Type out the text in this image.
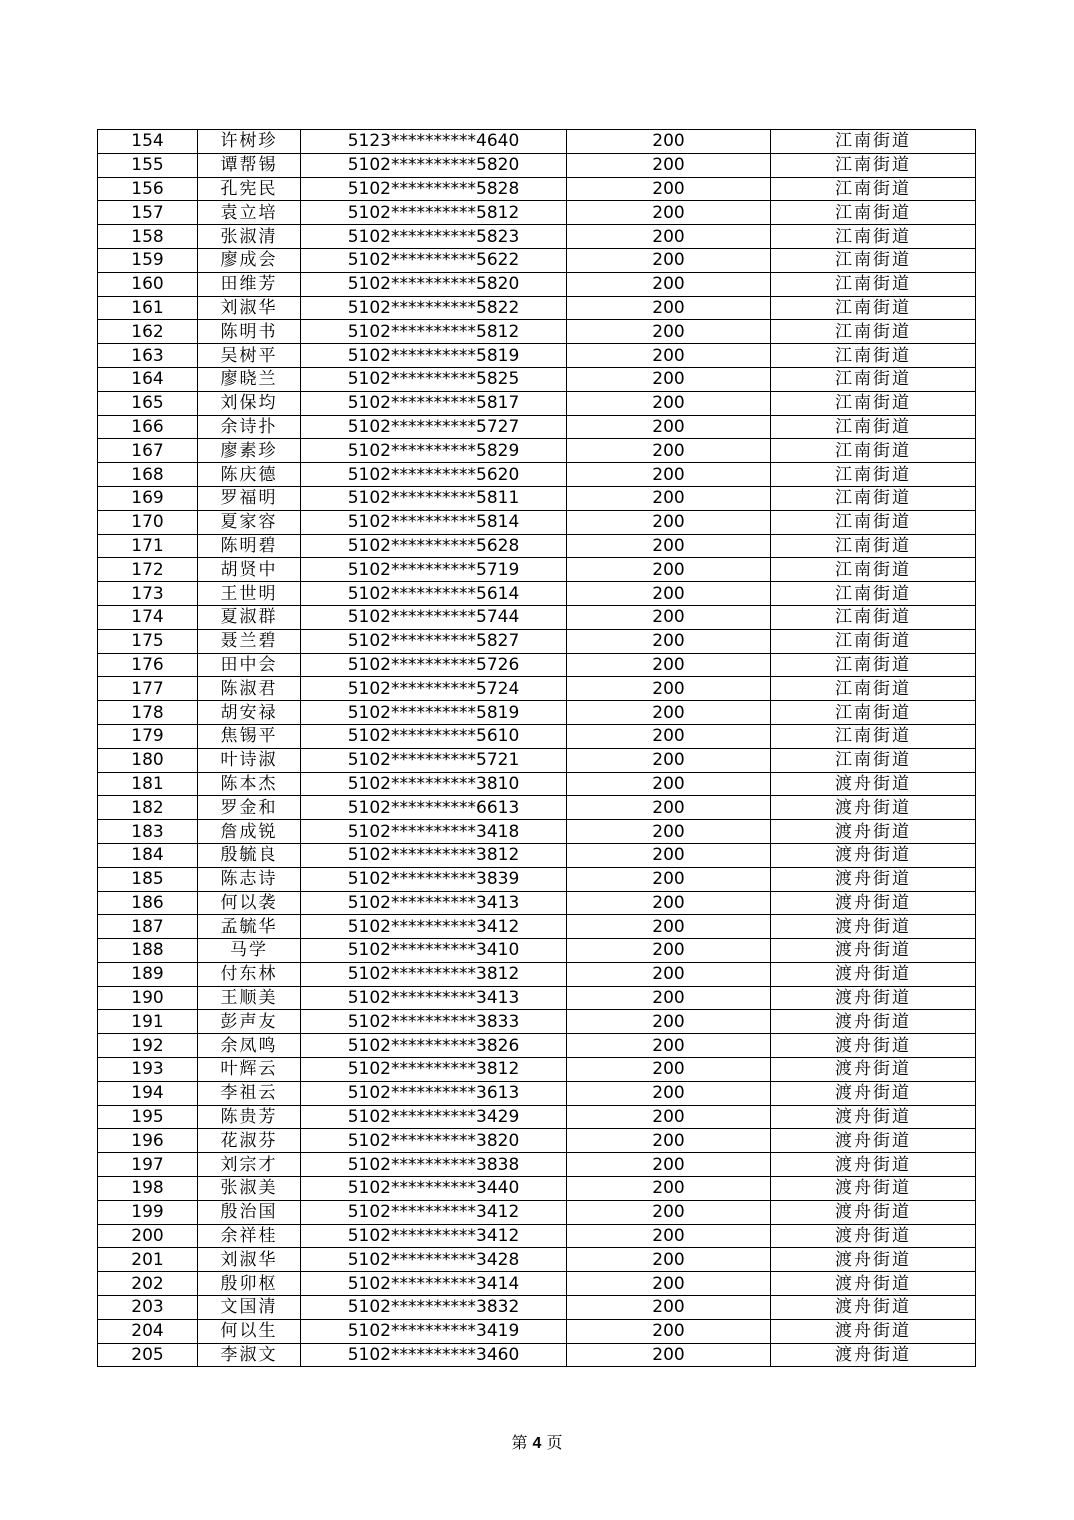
154	许树珍	5123**********4640	200	江南街道
155	谭帮锡	5102**********5820	200	江南街道
156	孔宪民	5102**********5828	200	江南街道
157	袁立培	5102**********5812	200	江南街道
158	张淑清	5102**********5823	200	江南街道
159	廖成会	5102**********5622	200	江南街道
160	田维芳	5102**********5820	200	江南街道
161	刘淑华	5102**********5822	200	江南街道
162	陈明书	5102**********5812	200	江南街道
163	吴树平	5102**********5819	200	江南街道
164	廖晓兰	5102**********5825	200	江南街道
165	刘保均	5102**********5817	200	江南街道
166	余诗扑	5102**********5727	200	江南街道
167	廖素珍	5102**********5829	200	江南街道
168	陈庆德	5102**********5620	200	江南街道
169	罗福明	5102**********5811	200	江南街道
170	夏家容	5102**********5814	200	江南街道
171	陈明碧	5102**********5628	200	江南街道
172	胡贤中	5102**********5719	200	江南街道
173	王世明	5102**********5614	200	江南街道
174	夏淑群	5102**********5744	200	江南街道
175	聂兰碧	5102**********5827	200	江南街道
176	田中会	5102**********5726	200	江南街道
177	陈淑君	5102**********5724	200	江南街道
178	胡安禄	5102**********5819	200	江南街道
179	焦锡平	5102**********5610	200	江南街道
180	叶诗淑	5102**********5721	200	江南街道
181	陈本杰	5102**********3810	200	渡舟街道
182	罗金和	5102**********6613	200	渡舟街道
183	詹成锐	5102**********3418	200	渡舟街道
184	殷毓良	5102**********3812	200	渡舟街道
185	陈志诗	5102**********3839	200	渡舟街道
186	何以袭	5102**********3413	200	渡舟街道
187	孟毓华	5102**********3412	200	渡舟街道
188	马学	5102**********3410	200	渡舟街道
189	付东林	5102**********3812	200	渡舟街道
190	王顺美	5102**********3413	200	渡舟街道
191	彭声友	5102**********3833	200	渡舟街道
192	余凤鸣	5102**********3826	200	渡舟街道
193	叶辉云	5102**********3812	200	渡舟街道
194	李祖云	5102**********3613	200	渡舟街道
195	陈贵芳	5102**********3429	200	渡舟街道
196	花淑芬	5102**********3820	200	渡舟街道
197	刘宗才	5102**********3838	200	渡舟街道
198	张淑美	5102**********3440	200	渡舟街道
199	殷治国	5102**********3412	200	渡舟街道
200	余祥桂	5102**********3412	200	渡舟街道
201	刘淑华	5102**********3428	200	渡舟街道
202	殷卯枢	5102**********3414	200	渡舟街道
203	文国清	5102**********3832	200	渡舟街道
204	何以生	5102**********3419	200	渡舟街道
205	李淑文	5102**********3460	200	渡舟街道
第 4 页
